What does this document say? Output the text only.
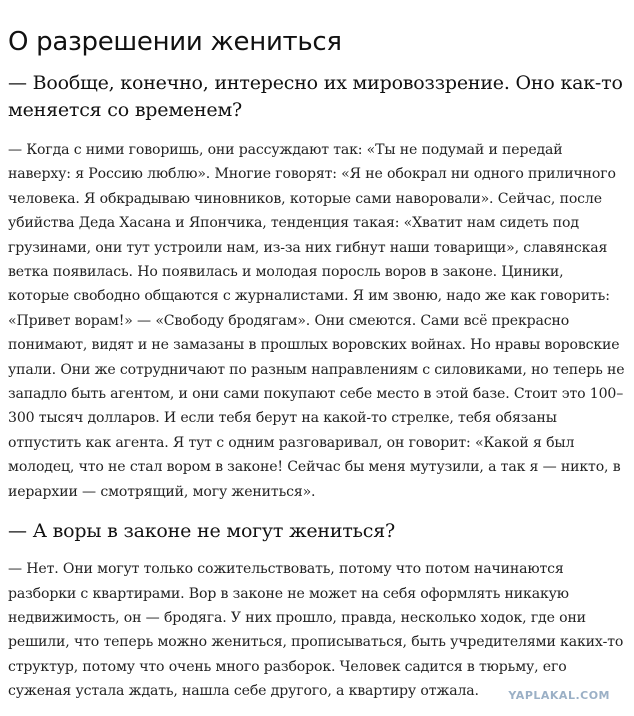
О разрешении жениться

— Вообще, конечно, интересно их мировоззрение. Оно как-то меняется со временем?

— Когда с ними говоришь, они рассуждают так: «Ты не подумай и передай наверху: я Россию люблю». Многие говорят: «Я не обокрал ни одного приличного человека. Я обкрадываю чиновников, которые сами наворовали». Сейчас, после убийства Деда Хасана и Япончика, тенденция такая: «Хватит нам сидеть под грузинами, они тут устроили нам, из-за них гибнут наши товарищи», славянская ветка появилась. Но появилась и молодая поросль воров в законе. Циники, которые свободно общаются с журналистами. Я им звоню, надо же как говорить: «Привет ворам!» — «Свободу бродягам». Они смеются. Сами всё прекрасно понимают, видят и не замазаны в прошлых воровских войнах. Но нравы воровские упали. Они же сотрудничают по разным направлениям с силовиками, но теперь не западло быть агентом, и они сами покупают себе место в этой базе. Стоит это 100–300 тысяч долларов. И если тебя берут на какой-то стрелке, тебя обязаны отпустить как агента. Я тут с одним разговаривал, он говорит: «Какой я был молодец, что не стал вором в законе! Сейчас бы меня мутузили, а так я — никто, в иерархии — смотрящий, могу жениться».

— А воры в законе не могут жениться?

— Нет. Они могут только сожительствовать, потому что потом начинаются разборки с квартирами. Вор в законе не может на себя оформлять никакую недвижимость, он — бродяга. У них прошло, правда, несколько ходок, где они решили, что теперь можно жениться, прописываться, быть учредителями каких-то структур, потому что очень много разборок. Человек садится в тюрьму, его суженая устала ждать, нашла себе другого, а квартиру отжала.	YAPLAKAL.COM
